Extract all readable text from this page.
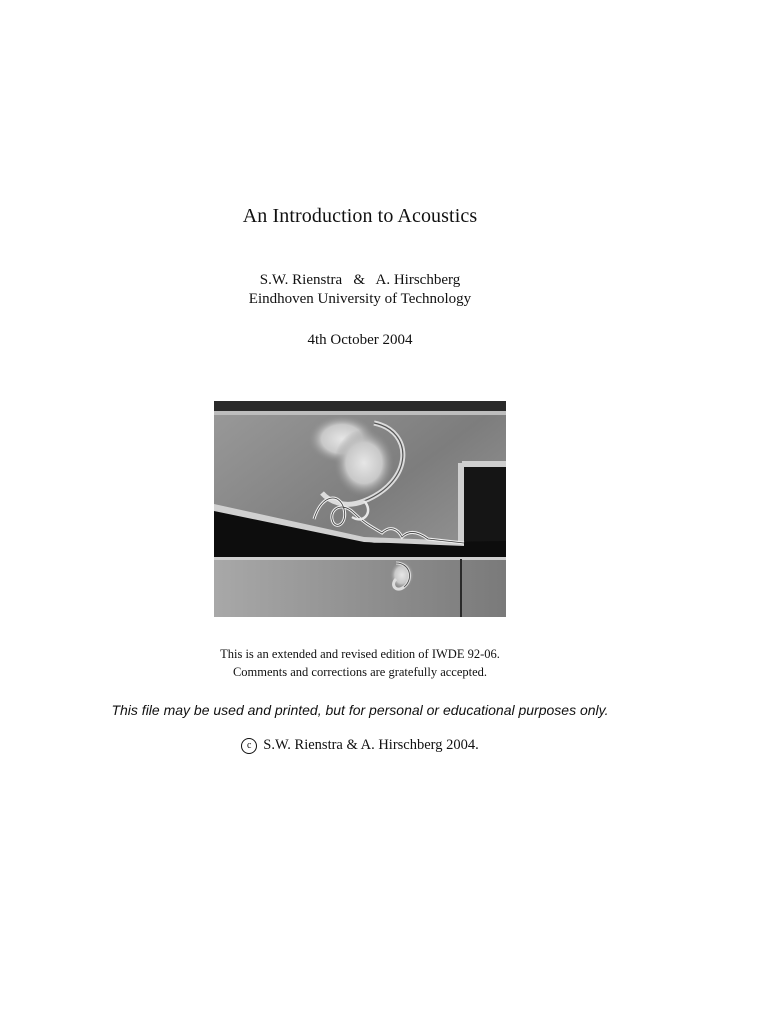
An Introduction to Acoustics
S.W. Rienstra   &   A. Hirschberg
Eindhoven University of Technology
4th October 2004
This is an extended and revised edition of IWDE 92-06.
Comments and corrections are gratefully accepted.
This file may be used and printed, but for personal or educational purposes only.
c S.W. Rienstra & A. Hirschberg 2004.
